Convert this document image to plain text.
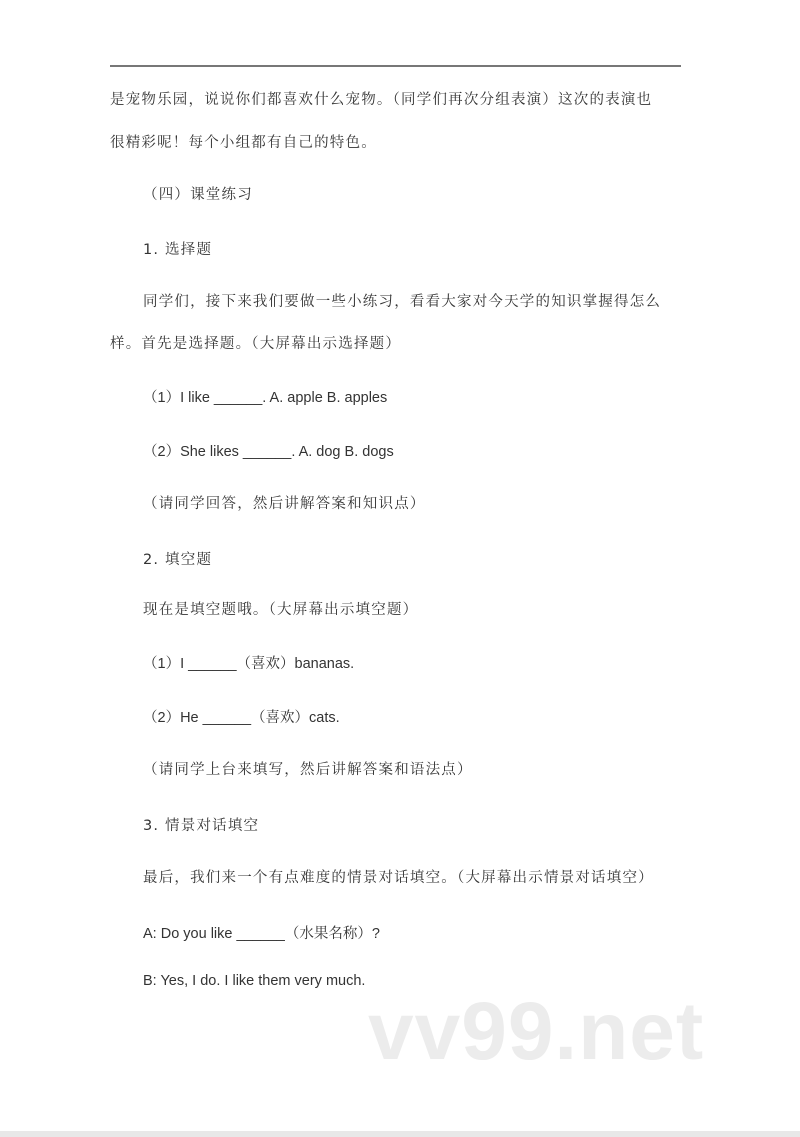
是宠物乐园，说说你们都喜欢什么宠物。（同学们再次分组表演）这次的表演也
很精彩呢！每个小组都有自己的特色。
（四）课堂练习
1. 选择题
同学们，接下来我们要做一些小练习，看看大家对今天学的知识掌握得怎么
样。首先是选择题。（大屏幕出示选择题）
（1）I like ______. A. apple B. apples
（2）She likes ______. A. dog B. dogs
（请同学回答，然后讲解答案和知识点）
2. 填空题
现在是填空题哦。（大屏幕出示填空题）
（1）I ______（喜欢）bananas.
（2）He ______（喜欢）cats.
（请同学上台来填写，然后讲解答案和语法点）
3. 情景对话填空
最后，我们来一个有点难度的情景对话填空。（大屏幕出示情景对话填空）
A: Do you like ______（水果名称）?
B: Yes, I do. I like them very much.
vv99.net
